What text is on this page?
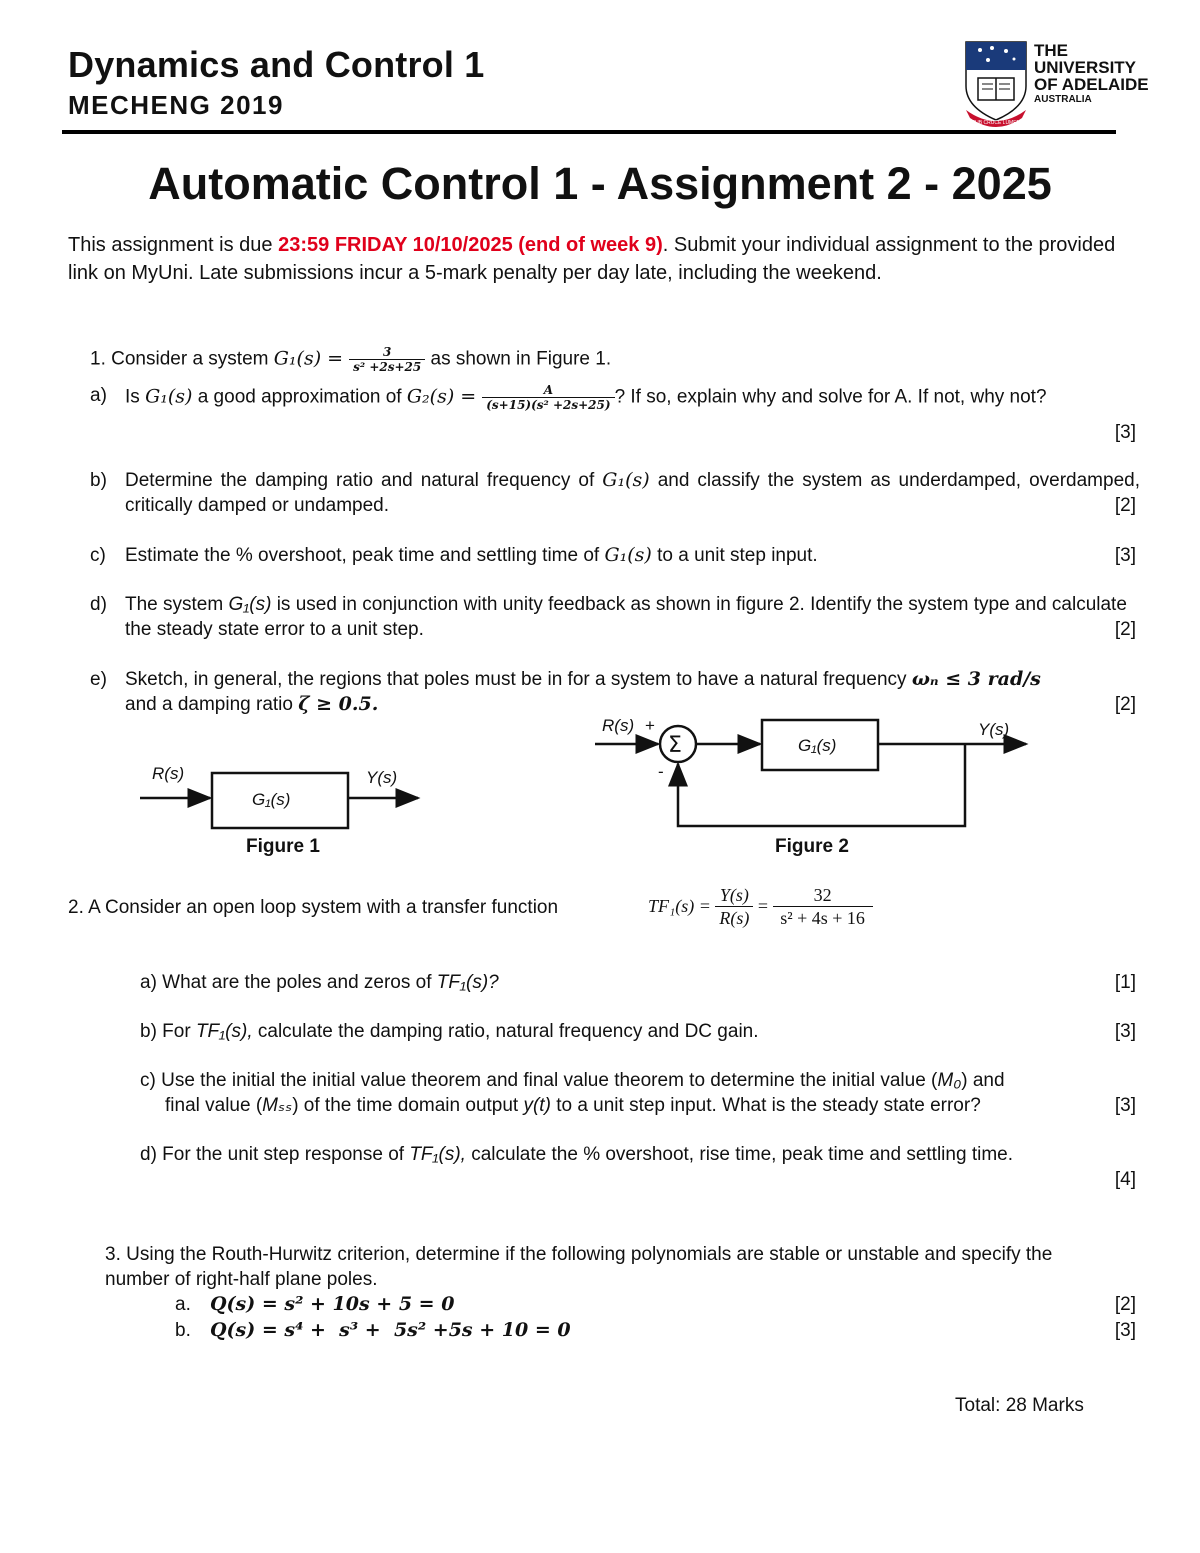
Dynamics and Control 1
MECHENG 2019
SUB CRUCE LUMEN
THE UNIVERSITY
OF ADELAIDE
AUSTRALIA
Automatic Control 1 - Assignment 2 - 2025
This assignment is due 23:59 FRIDAY 10/10/2025 (end of week 9). Submit your individual assignment to the provided link on MyUni. Late submissions incur a 5-mark penalty per day late, including the weekend.
1. Consider a system $G_1(s) = \frac{3}{\text{s² +2s+25}}$ as shown in Figure 1.
a) Is G₁(s) a good approximation of $G_2(s) = \frac{A}{\text{(s+15)(s² +2s+25)}}$ ? If so, explain why and solve for A. If not, why not?
[3]
b) Determine the damping ratio and natural frequency of G₁(s) and classify the system as underdamped, overdamped, critically damped or undamped.	[2]
c) Estimate the % overshoot, peak time and settling time of G₁(s) to a unit step input.	[3]
d) The system G₁(s) is used in conjunction with unity feedback as shown in figure 2. Identify the system type and calculate the steady state error to a unit step.	[2]
e) Sketch, in general, the regions that poles must be in for a system to have a natural frequency ωₙ ≤ 3 rad/s
and a damping ratio ζ ≥ 0.5.	[2]
R(s)
G₁(s)
Y(s)
Figure 1
R(s) +
-
Σ	G₁(s)
Y(s)
Figure 2
2. A Consider an open loop system with a transfer function	$TF_1(s) = \frac{Y(s)}{R(s)} = \frac{32}{\text{s² + 4s + 16}}$
a) What are the poles and zeros of TF₁(s)?	[1]
b) For TF₁(s), calculate the damping ratio, natural frequency and DC gain.	[3]
c) Use the initial the initial value theorem and final value theorem to determine the initial value (M₀) and
final value (Mₛₛ) of the time domain output y(t) to a unit step input. What is the steady state error?	[3]
d) For the unit step response of TF₁(s), calculate the % overshoot, rise time, peak time and settling time.
[4]
3. Using the Routh-Hurwitz criterion, determine if the following polynomials are stable or unstable and specify the number of right-half plane poles.
a. Q(s) = s² + 10s + 5 = 0	[2]
b. Q(s) = s⁴ +  s³ +  5s² +5s + 10 = 0	[3]
Total: 28 Marks
